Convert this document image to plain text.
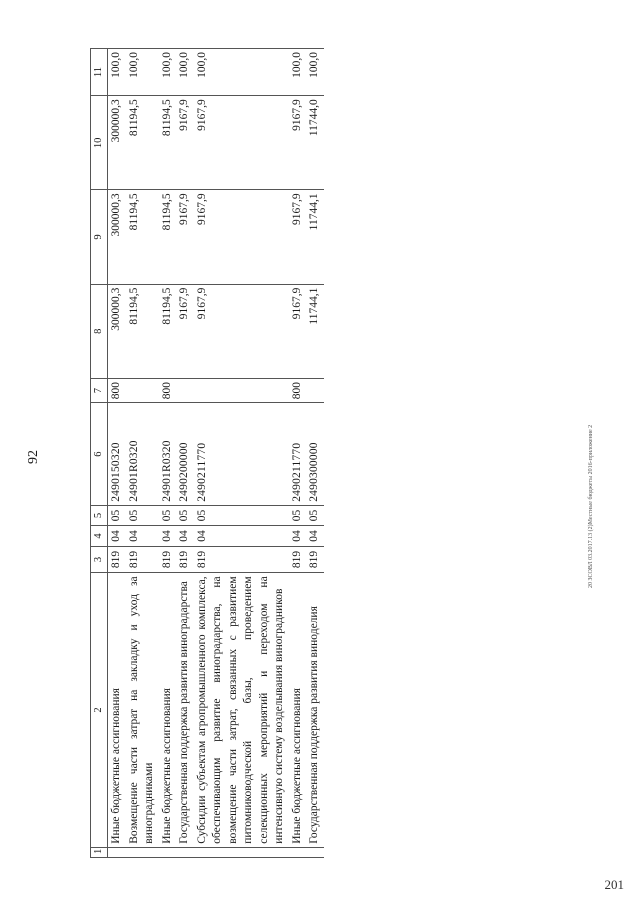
92
1	2	3	4	5	6	7	8	9	10	11
	Иные бюджетные ассигнования	819	04	05	2490150320	800	300000,3	300000,3	300000,3	100,0
	Возмещение части затрат на закладку и уход за виноградниками	819	04	05	24901R0320		81194,5	81194,5	81194,5	100,0
	Иные бюджетные ассигнования	819	04	05	24901R0320	800	81194,5	81194,5	81194,5	100,0
	Государственная поддержка развития виноградарства	819	04	05	2490200000		9167,9	9167,9	9167,9	100,0
	Субсидии субъектам агропромышленного комплекса, обеспечивающим развитие виноградарства, на возмещение части затрат, связанных с развитием питомниководческой базы, проведением селекционных мероприятий и переходом на интенсивную систему возделывания виноградников	819	04	05	2490211770		9167,9	9167,9	9167,9	100,0
	Иные бюджетные ассигнования	819	04	05	2490211770	800	9167,9	9167,9	9167,9	100,0
	Государственная поддержка развития виноделия	819	04	05	2490300000		11744,1	11744,1	11744,0	100,0
20 ЗСОВЛ 03.2017.13 (2)Местные бюджеты 2016-приложение 2
201
